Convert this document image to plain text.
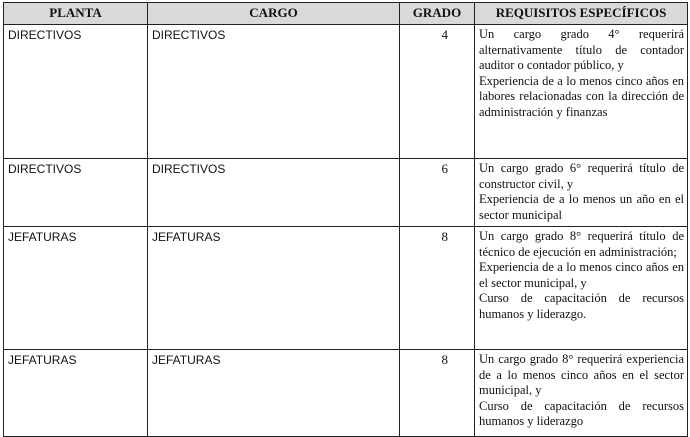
PLANTA	CARGO	GRADO	REQUISITOS ESPECÍFICOS
DIRECTIVOS	DIRECTIVOS	4	Un cargo grado 4° requerirá alternativamente título de contador auditor o contador público, y
Experiencia de a lo menos cinco años en labores relacionadas con la dirección de administración y finanzas

DIRECTIVOS	DIRECTIVOS	6	Un cargo grado 6° requerirá título de constructor civil, y
Experiencia de a lo menos un año en el sector municipal

JEFATURAS	JEFATURAS	8	Un cargo grado 8° requerirá título de técnico de ejecución en administración;
Experiencia de a lo menos cinco años en el sector municipal, y
Curso de capacitación de recursos humanos y liderazgo.

JEFATURAS	JEFATURAS	8	Un cargo grado 8° requerirá experiencia de a lo menos cinco años en el sector municipal, y
Curso de capacitación de recursos humanos y liderazgo
